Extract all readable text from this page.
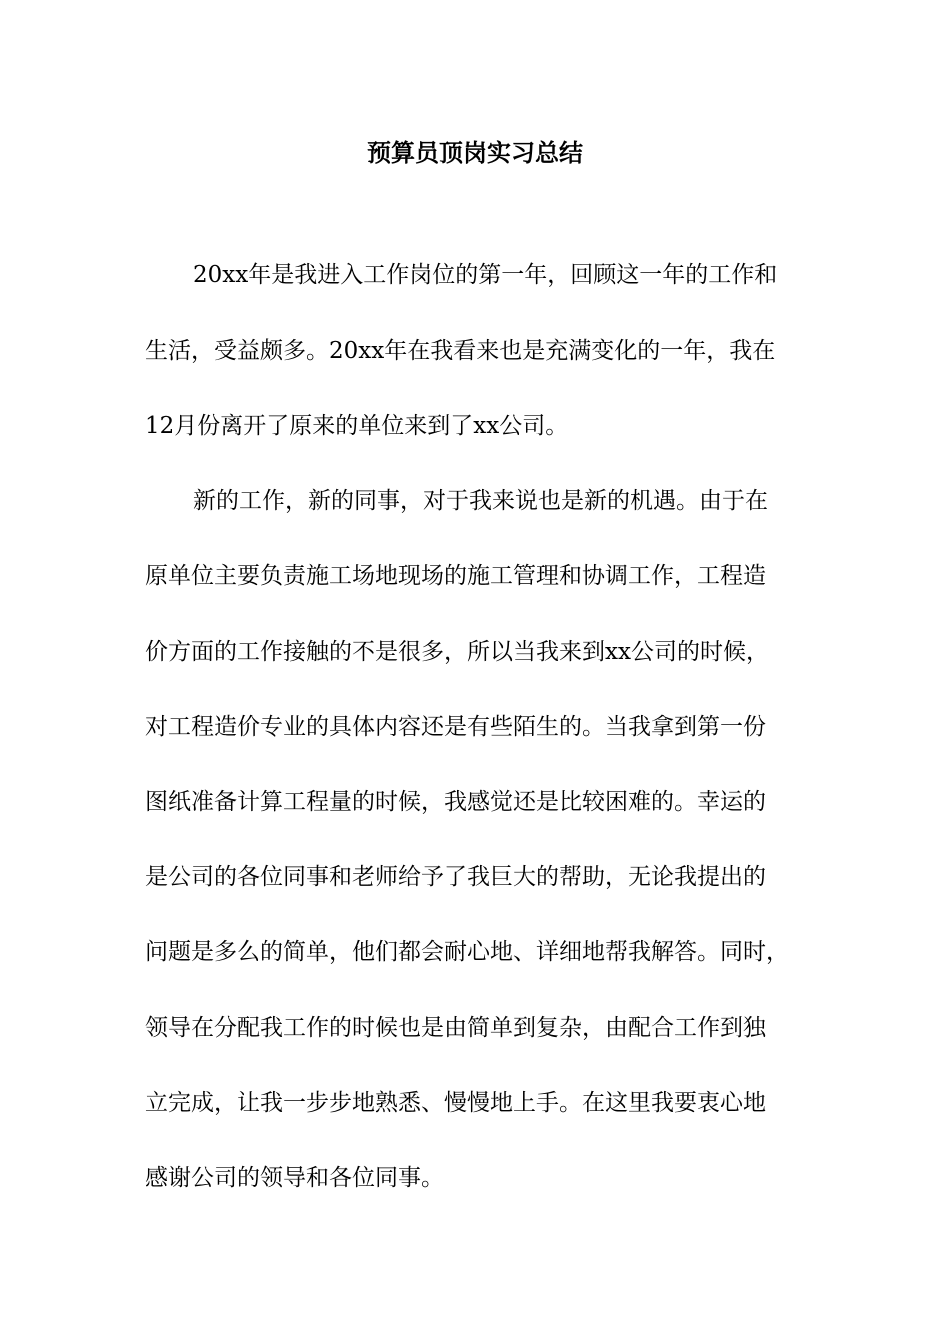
预算员顶岗实习总结

20xx年是我进入工作岗位的第一年，回顾这一年的工作和

生活，受益颇多。20xx年在我看来也是充满变化的一年，我在

12月份离开了原来的单位来到了xx公司。

新的工作，新的同事，对于我来说也是新的机遇。由于在

原单位主要负责施工场地现场的施工管理和协调工作，工程造

价方面的工作接触的不是很多，所以当我来到xx公司的时候，

对工程造价专业的具体内容还是有些陌生的。当我拿到第一份

图纸准备计算工程量的时候，我感觉还是比较困难的。幸运的

是公司的各位同事和老师给予了我巨大的帮助，无论我提出的

问题是多么的简单，他们都会耐心地、详细地帮我解答。同时，

领导在分配我工作的时候也是由简单到复杂，由配合工作到独

立完成，让我一步步地熟悉、慢慢地上手。在这里我要衷心地

感谢公司的领导和各位同事。
